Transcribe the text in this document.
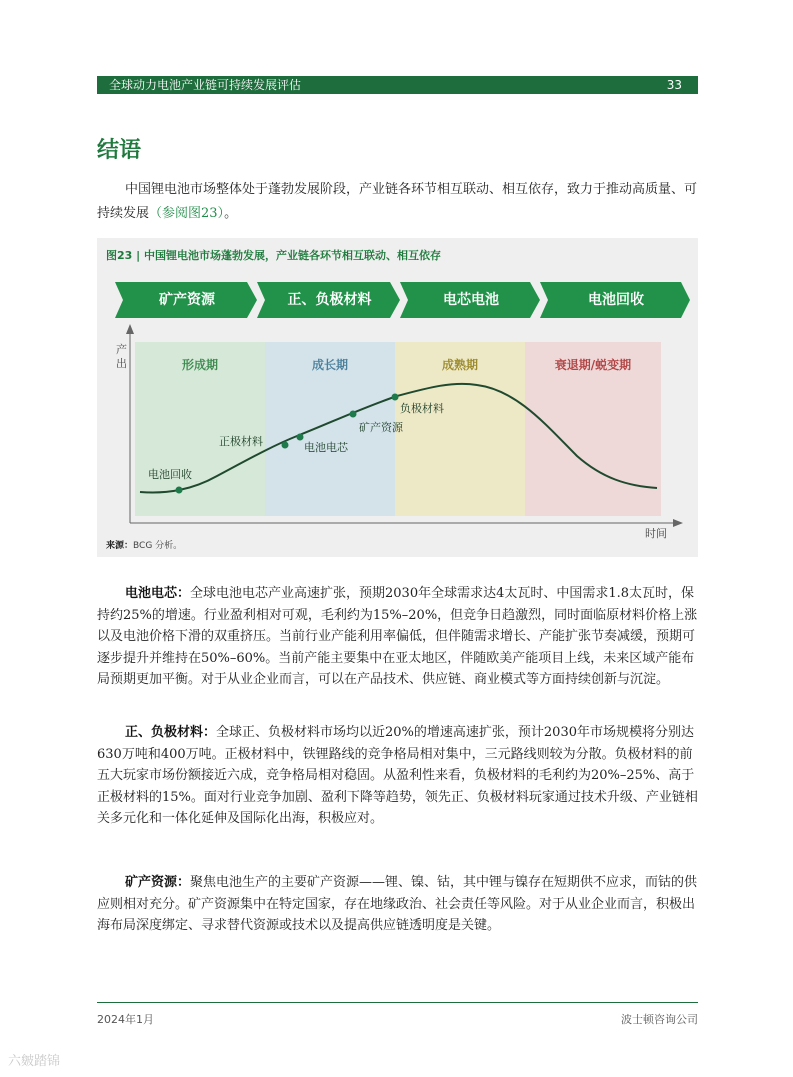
全球动力电池产业链可持续发展评估	33
结语
中国锂电池市场整体处于蓬勃发展阶段，产业链各环节相互联动、相互依存，致力于推动高质量、可持续发展（参阅图23）。
图23 | 中国锂电池市场蓬勃发展，产业链各环节相互联动、相互依存
矿产资源	正、负极材料	电芯电池	电池回收
形成期	成长期	成熟期	衰退期/蜕变期
产出
时间
电池回收
正极材料	电池电芯
矿产资源
负极材料
来源：BCG 分析。
电池电芯：全球电池电芯产业高速扩张，预期2030年全球需求达4太瓦时、中国需求1.8太瓦时，保持约25%的增速。行业盈利相对可观，毛利约为15%–20%，但竞争日趋激烈，同时面临原材料价格上涨以及电池价格下滑的双重挤压。当前行业产能利用率偏低，但伴随需求增长、产能扩张节奏减缓，预期可逐步提升并维持在50%–60%。当前产能主要集中在亚太地区，伴随欧美产能项目上线，未来区域产能布局预期更加平衡。对于从业企业而言，可以在产品技术、供应链、商业模式等方面持续创新与沉淀。
正、负极材料：全球正、负极材料市场均以近20%的增速高速扩张，预计2030年市场规模将分别达630万吨和400万吨。正极材料中，铁锂路线的竞争格局相对集中，三元路线则较为分散。负极材料的前五大玩家市场份额接近六成，竞争格局相对稳固。从盈利性来看，负极材料的毛利约为20%–25%、高于正极材料的15%。面对行业竞争加剧、盈利下降等趋势，领先正、负极材料玩家通过技术升级、产业链相关多元化和一体化延伸及国际化出海，积极应对。
矿产资源：聚焦电池生产的主要矿产资源——锂、镍、钴，其中锂与镍存在短期供不应求，而钴的供应则相对充分。矿产资源集中在特定国家，存在地缘政治、社会责任等风险。对于从业企业而言，积极出海布局深度绑定、寻求替代资源或技术以及提高供应链透明度是关键。
2024年1月	波士顿咨询公司
六皴踏锦
